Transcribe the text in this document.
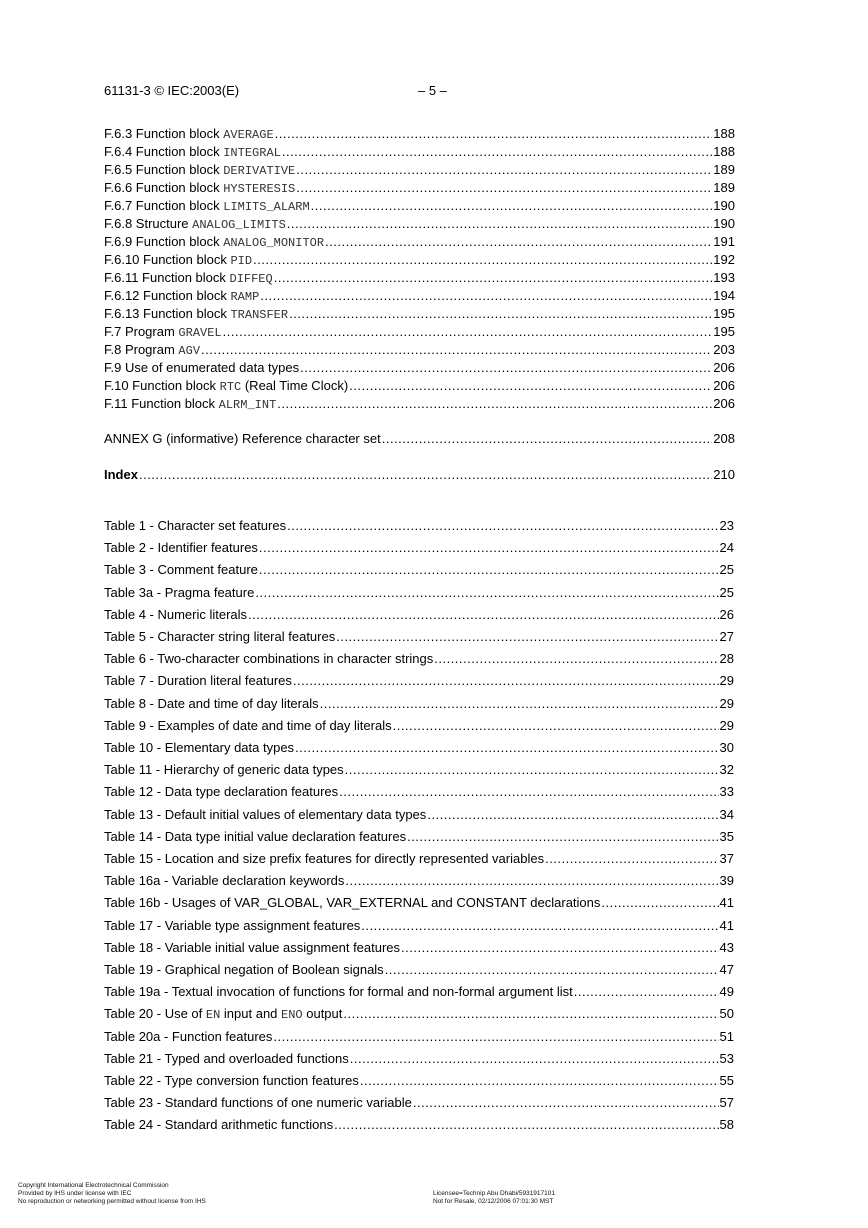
61131-3 © IEC:2003(E)	– 5 –
F.6.3 Function block AVERAGE .....	188
F.6.4 Function block INTEGRAL .....	188
F.6.5 Function block DERIVATIVE .....	189
F.6.6 Function block HYSTERESIS .....	189
F.6.7 Function block LIMITS_ALARM .....	190
F.6.8 Structure ANALOG_LIMITS .....	190
F.6.9 Function block ANALOG_MONITOR .....	191
F.6.10 Function block PID .....	192
F.6.11 Function block DIFFEQ .....	193
F.6.12 Function block RAMP .....	194
F.6.13 Function block TRANSFER .....	195
F.7 Program GRAVEL .....	195
F.8 Program AGV .....	203
F.9 Use of enumerated data types .....	206
F.10 Function block RTC (Real Time Clock) .....	206
F.11 Function block ALRM_INT .....	206
ANNEX G (informative) Reference character set .....	208
Index .....	210
Table 1 - Character set features .....	23
Table 2 - Identifier features .....	24
Table 3 - Comment feature .....	25
Table 3a - Pragma feature .....	25
Table 4 - Numeric literals .....	26
Table 5 - Character string literal features .....	27
Table 6 - Two-character combinations in character strings .....	28
Table 7 - Duration literal features .....	29
Table 8 - Date and time of day literals .....	29
Table 9 - Examples of date and time of day literals .....	29
Table 10 - Elementary data types .....	30
Table 11 - Hierarchy of generic data types .....	32
Table 12 - Data type declaration features .....	33
Table 13 - Default initial values of elementary data types .....	34
Table 14 - Data type initial value declaration features .....	35
Table 15 - Location and size prefix features for directly represented variables .....	37
Table 16a - Variable declaration keywords .....	39
Table 16b - Usages of VAR_GLOBAL, VAR_EXTERNAL and CONSTANT declarations .....	41
Table 17 - Variable type assignment features .....	41
Table 18 - Variable initial value assignment features .....	43
Table 19 - Graphical negation of Boolean signals .....	47
Table 19a - Textual invocation of functions for formal and non-formal argument list .....	49
Table 20 - Use of EN input and ENO output .....	50
Table 20a - Function features .....	51
Table 21 - Typed and overloaded functions .....	53
Table 22 - Type conversion function features .....	55
Table 23 - Standard functions of one numeric variable .....	57
Table 24 - Standard arithmetic functions .....	58
Copyright International Electrotechnical Commission
Provided by IHS under license with IEC
No reproduction or networking permitted without license from IHS
Licensee=Technip Abu Dhabi/5931917101
Not for Resale, 02/12/2006 07:01:30 MST
